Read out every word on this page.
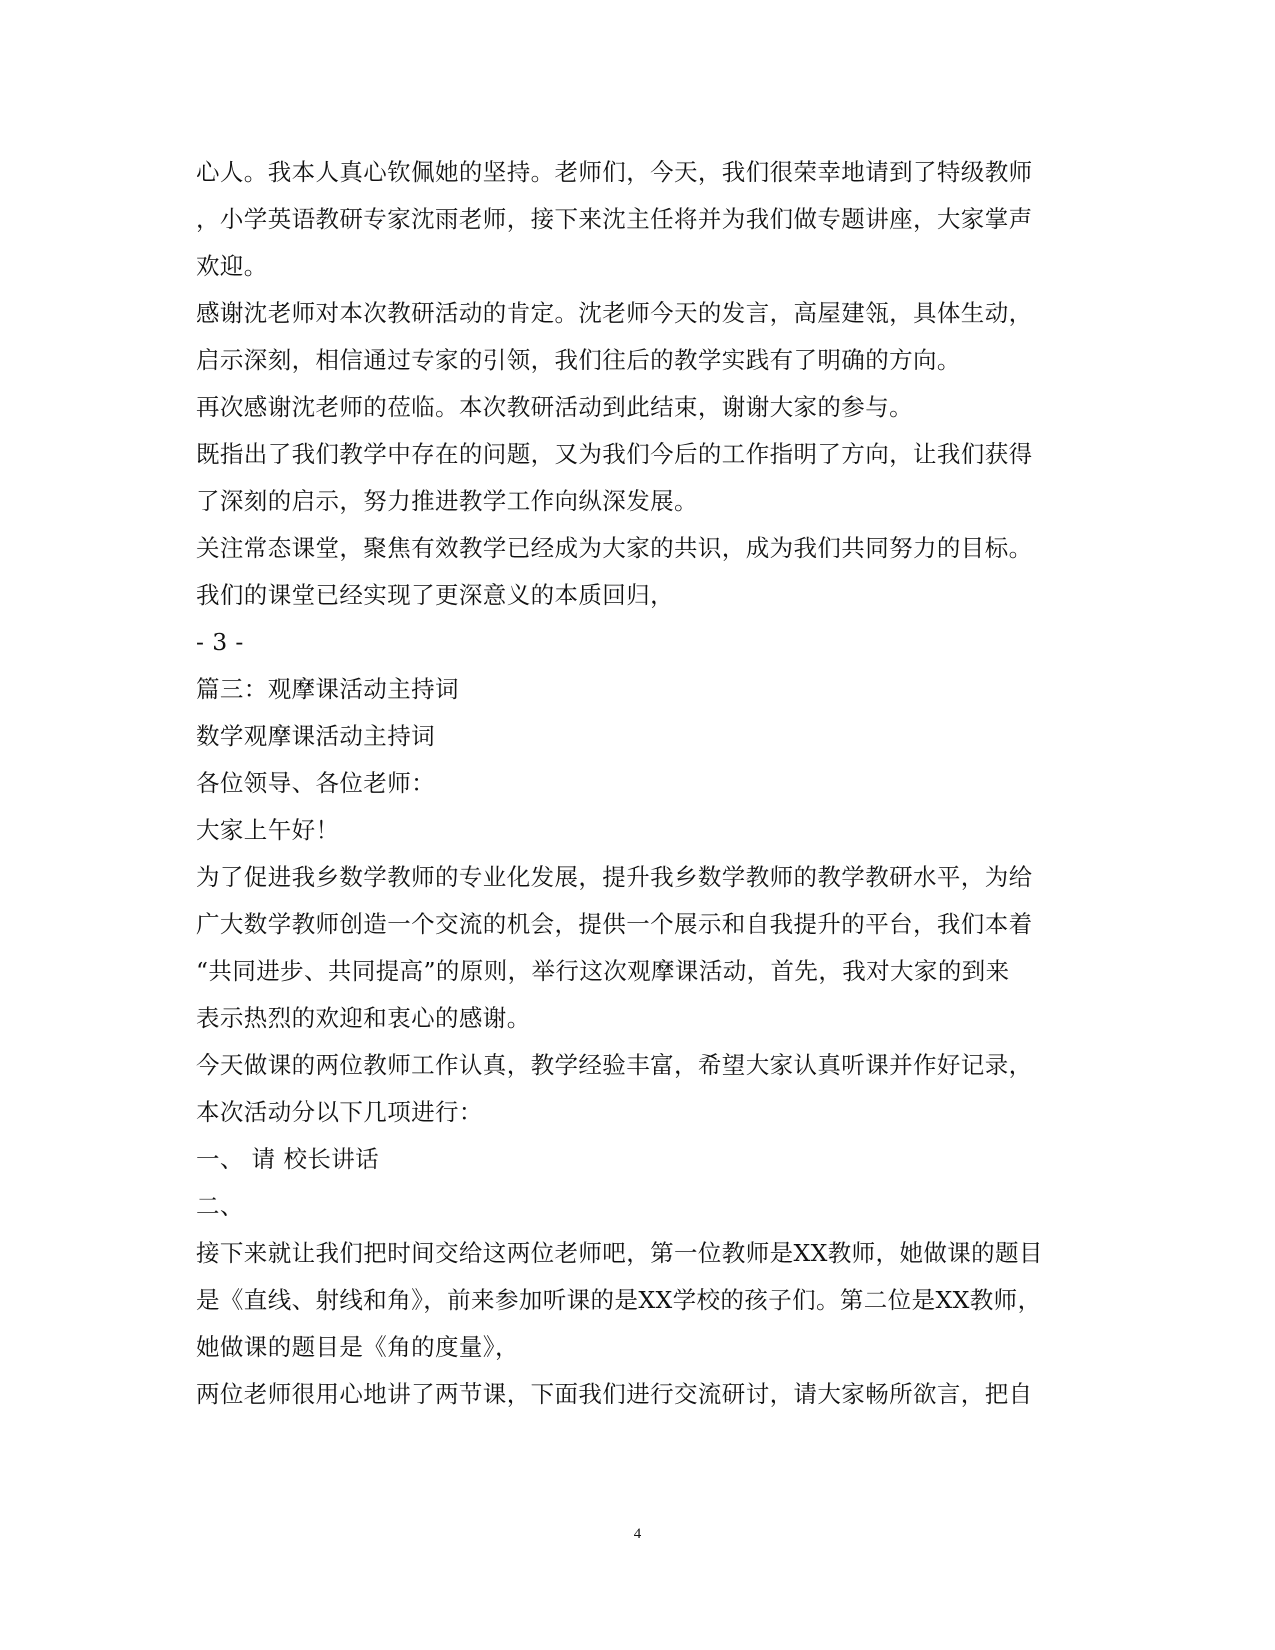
心人。我本人真心钦佩她的坚持。老师们，今天，我们很荣幸地请到了特级教师
，小学英语教研专家沈雨老师，接下来沈主任将并为我们做专题讲座，大家掌声
欢迎。
感谢沈老师对本次教研活动的肯定。沈老师今天的发言，高屋建瓴，具体生动，
启示深刻，相信通过专家的引领，我们往后的教学实践有了明确的方向。
再次感谢沈老师的莅临。本次教研活动到此结束，谢谢大家的参与。
既指出了我们教学中存在的问题，又为我们今后的工作指明了方向，让我们获得
了深刻的启示，努力推进教学工作向纵深发展。
关注常态课堂，聚焦有效教学已经成为大家的共识，成为我们共同努力的目标。
我们的课堂已经实现了更深意义的本质回归，
- 3 -
篇三：观摩课活动主持词
数学观摩课活动主持词
各位领导、各位老师：
大家上午好！
为了促进我乡数学教师的专业化发展，提升我乡数学教师的教学教研水平，为给
广大数学教师创造一个交流的机会，提供一个展示和自我提升的平台，我们本着
“共同进步、共同提高”的原则，举行这次观摩课活动，首先，我对大家的到来
表示热烈的欢迎和衷心的感谢。
今天做课的两位教师工作认真，教学经验丰富，希望大家认真听课并作好记录，
本次活动分以下几项进行：
一、 请 校长讲话
二、
接下来就让我们把时间交给这两位老师吧，第一位教师是XX教师，她做课的题目
是《直线、射线和角》，前来参加听课的是XX学校的孩子们。第二位是XX教师，
她做课的题目是《角的度量》，
两位老师很用心地讲了两节课，下面我们进行交流研讨，请大家畅所欲言，把自
4
